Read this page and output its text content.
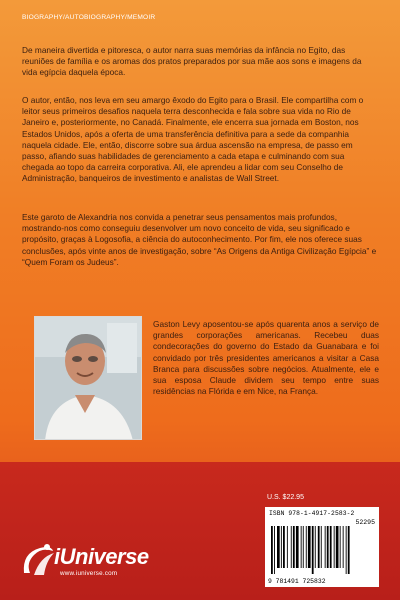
BIOGRAPHY/AUTOBIOGRAPHY/MEMOIR

De maneira divertida e pitoresca, o autor narra suas memórias da infância no Egito, das reuniões de família e os aromas dos pratos preparados por sua mãe aos sons e imagens da vida egípcia daquela época.

O autor, então, nos leva em seu amargo êxodo do Egito para o Brasil. Ele compartilha com o leitor seus primeiros desafios naquela terra desconhecida e fala sobre sua vida no Rio de Janeiro e, posteriormente, no Canadá. Finalmente, ele encerra sua jornada em Boston, nos Estados Unidos, após a oferta de uma transferência definitiva para a sede da companhia naquela cidade. Ele, então, discorre sobre sua árdua ascensão na empresa, de passo em passo, afiando suas habilidades de gerenciamento a cada etapa e culminando com sua chegada ao topo da carreira corporativa. Ali, ele aprendeu a lidar com seu Conselho de Administração, banqueiros de investimento e analistas de Wall Street.

Este garoto de Alexandria nos convida a penetrar seus pensamentos mais profundos, mostrando-nos como conseguiu desenvolver um novo conceito de vida, seu significado e propósito, graças à Logosofia, a ciência do autoconhecimento. Por fim, ele nos oferece suas conclusões, após vinte anos de investigação, sobre “As Origens da Antiga Civilização Egípcia” e “Quem Foram os Judeus”.

Gaston Levy aposentou-se após quarenta anos a serviço de grandes corporações americanas. Recebeu duas condecorações do governo do Estado da Guanabara e foi convidado por três presidentes americanos a visitar a Casa Branca para discussões sobre negócios. Atualmente, ele e sua esposa Claude dividem seu tempo entre suas residências na Flórida e em Nice, na França.

U.S. $22.95
ISBN 978-1-4917-2583-2
52295
9 781491 725832
iUniverse
www.iuniverse.com
